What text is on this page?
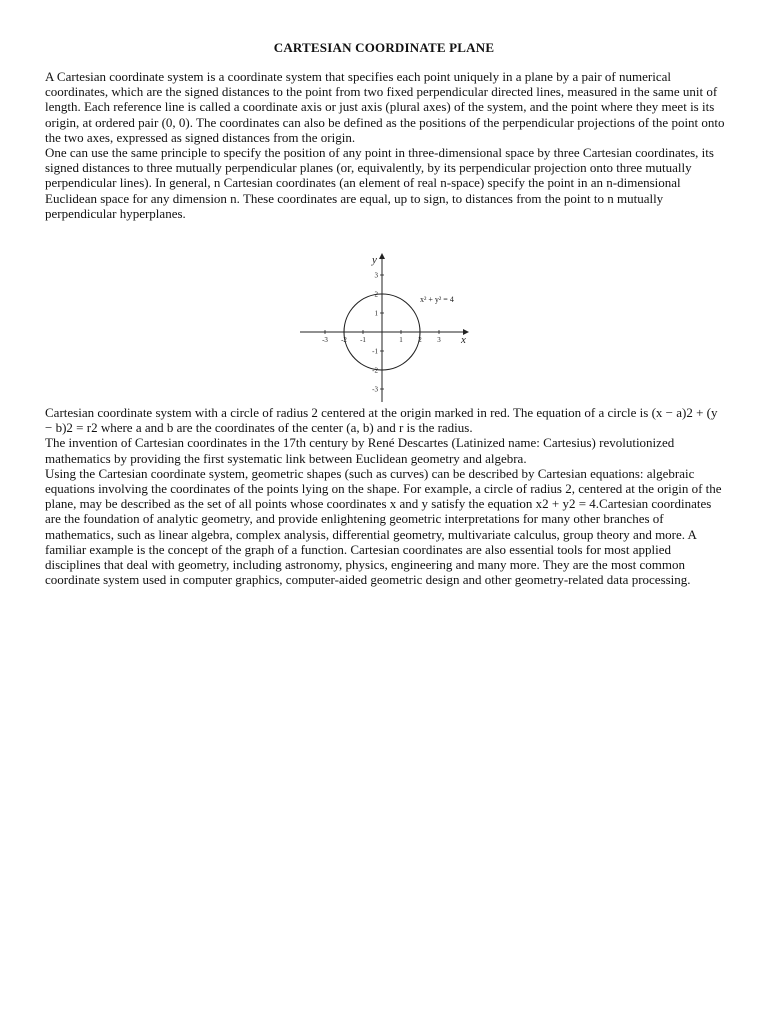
CARTESIAN COORDINATE PLANE
A Cartesian coordinate system is a coordinate system that specifies each point uniquely in a plane by a pair of numerical coordinates, which are the signed distances to the point from two fixed perpendicular directed lines, measured in the same unit of length. Each reference line is called a coordinate axis or just axis (plural axes) of the system, and the point where they meet is its origin, at ordered pair (0, 0). The coordinates can also be defined as the positions of the perpendicular projections of the point onto the two axes, expressed as signed distances from the origin.
One can use the same principle to specify the position of any point in three-dimensional space by three Cartesian coordinates, its signed distances to three mutually perpendicular planes (or, equivalently, by its perpendicular projection onto three mutually perpendicular lines). In general, n Cartesian coordinates (an element of real n-space) specify the point in an n-dimensional Euclidean space for any dimension n. These coordinates are equal, up to sign, to distances from the point to n mutually perpendicular hyperplanes.
-3 -2 -1	1 2 3
3
2
1
-1
-2
-3
x
y
x² + y² = 4
Cartesian coordinate system with a circle of radius 2 centered at the origin marked in red. The equation of a circle is (x − a)2 + (y − b)2 = r2 where a and b are the coordinates of the center (a, b) and r is the radius.
The invention of Cartesian coordinates in the 17th century by René Descartes (Latinized name: Cartesius) revolutionized mathematics by providing the first systematic link between Euclidean geometry and algebra.
Using the Cartesian coordinate system, geometric shapes (such as curves) can be described by Cartesian equations: algebraic equations involving the coordinates of the points lying on the shape. For example, a circle of radius 2, centered at the origin of the plane, may be described as the set of all points whose coordinates x and y satisfy the equation x2 + y2 = 4.Cartesian coordinates are the foundation of analytic geometry, and provide enlightening geometric interpretations for many other branches of mathematics, such as linear algebra, complex analysis, differential geometry, multivariate calculus, group theory and more. A familiar example is the concept of the graph of a function. Cartesian coordinates are also essential tools for most applied disciplines that deal with geometry, including astronomy, physics, engineering and many more. They are the most common coordinate system used in computer graphics, computer-aided geometric design and other geometry-related data processing.
